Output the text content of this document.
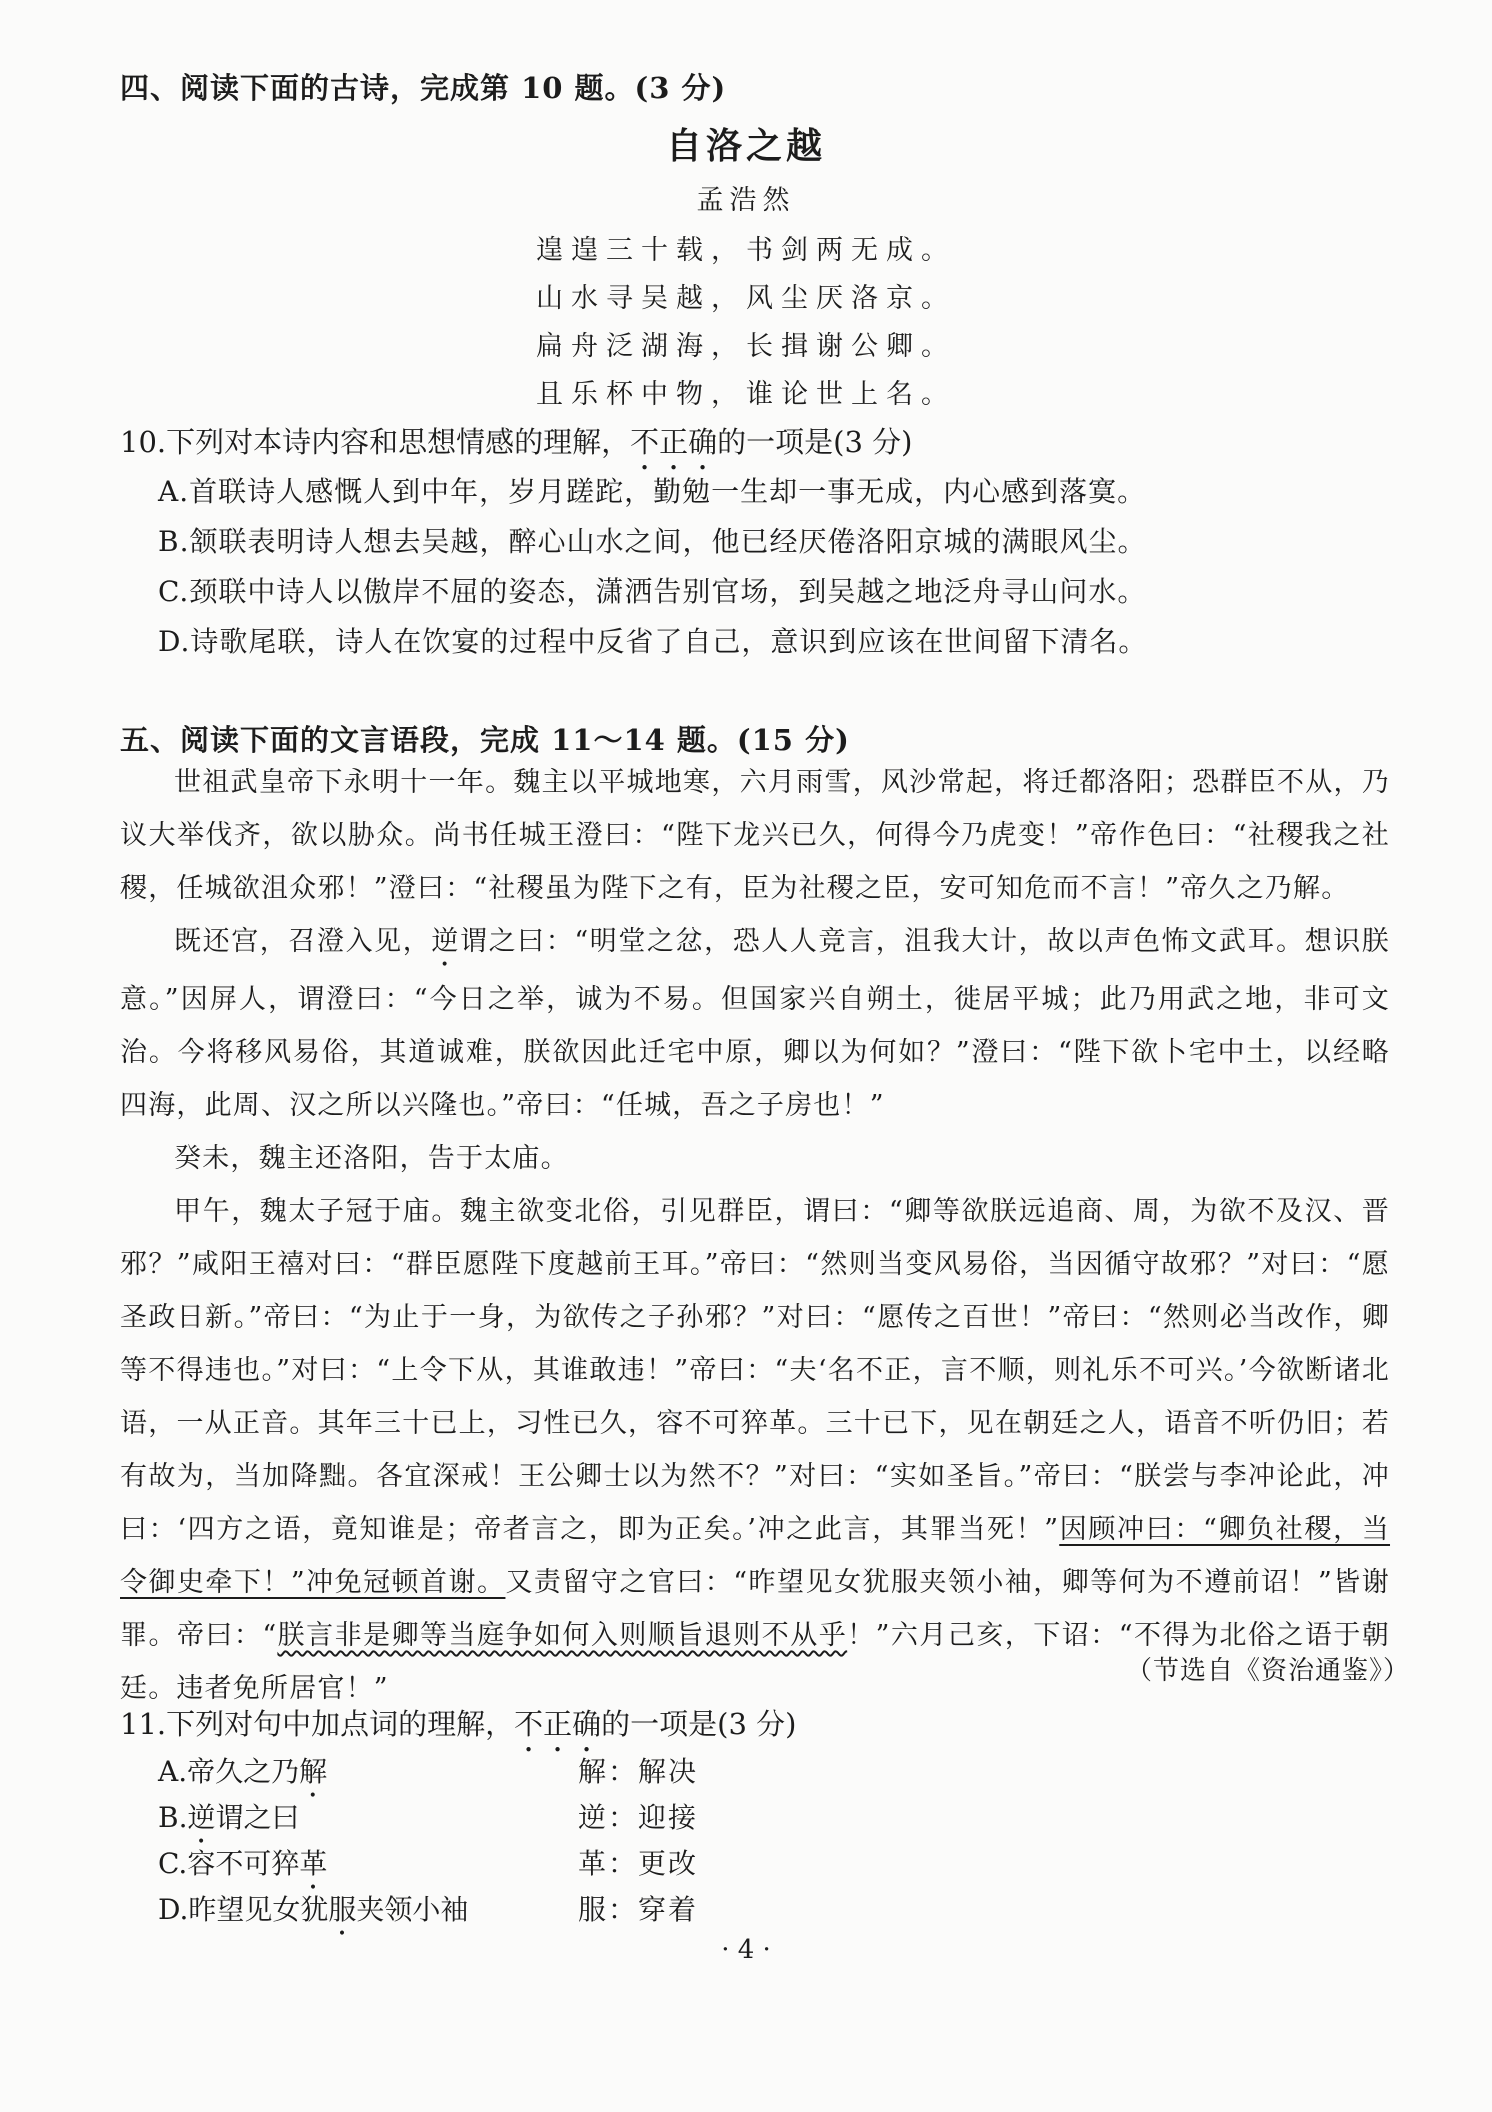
四、阅读下面的古诗，完成第 10 题。(3 分)
自洛之越
孟浩然
遑遑三十载，书剑两无成。
山水寻吴越，风尘厌洛京。
扁舟泛湖海，长揖谢公卿。
且乐杯中物，谁论世上名。
10.下列对本诗内容和思想情感的理解，不正确的一项是(3 分)
A.首联诗人感慨人到中年，岁月蹉跎，勤勉一生却一事无成，内心感到落寞。
B.颔联表明诗人想去吴越，醉心山水之间，他已经厌倦洛阳京城的满眼风尘。
C.颈联中诗人以傲岸不屈的姿态，潇洒告别官场，到吴越之地泛舟寻山问水。
D.诗歌尾联，诗人在饮宴的过程中反省了自己，意识到应该在世间留下清名。
五、阅读下面的文言语段，完成 11～14 题。(15 分)

世祖武皇帝下永明十一年。魏主以平城地寒，六月雨雪，风沙常起，将迁都洛阳；恐群臣不从，乃议大举伐齐，欲以胁众。尚书任城王澄曰：“陛下龙兴已久，何得今乃虎变！”帝作色曰：“社稷我之社稷，任城欲沮众邪！”澄曰：“社稷虽为陛下之有，臣为社稷之臣，安可知危而不言！”帝久之乃解。

既还宫，召澄入见，逆谓之曰：“明堂之忿，恐人人竞言，沮我大计，故以声色怖文武耳。想识朕意。”因屏人，谓澄曰：“今日之举，诚为不易。但国家兴自朔土，徙居平城；此乃用武之地，非可文治。今将移风易俗，其道诚难，朕欲因此迁宅中原，卿以为何如？”澄曰：“陛下欲卜宅中土，以经略四海，此周、汉之所以兴隆也。”帝曰：“任城，吾之子房也！”

癸未，魏主还洛阳，告于太庙。

甲午，魏太子冠于庙。魏主欲变北俗，引见群臣，谓曰：“卿等欲朕远追商、周，为欲不及汉、晋邪？”咸阳王禧对曰：“群臣愿陛下度越前王耳。”帝曰：“然则当变风易俗，当因循守故邪？”对曰：“愿圣政日新。”帝曰：“为止于一身，为欲传之子孙邪？”对曰：“愿传之百世！”帝曰：“然则必当改作，卿等不得违也。”对曰：“上令下从，其谁敢违！”帝曰：“夫‘名不正，言不顺，则礼乐不可兴。’今欲断诸北语，一从正音。其年三十已上，习性已久，容不可猝革。三十已下，见在朝廷之人，语音不听仍旧；若有故为，当加降黜。各宜深戒！王公卿士以为然不？”对曰：“实如圣旨。”帝曰：“朕尝与李冲论此，冲曰：‘四方之语，竟知谁是；帝者言之，即为正矣。’冲之此言，其罪当死！”因顾冲曰：“卿负社稷，当令御史牵下！”冲免冠顿首谢。又责留守之官曰：“昨望见女犹服夹领小袖，卿等何为不遵前诏！”皆谢罪。帝曰：“朕言非是卿等当庭争如何入则顺旨退则不从乎！”六月己亥，下诏：“不得为北俗之语于朝廷。违者免所居官！”

（节选自《资治通鉴》）
11.下列对句中加点词的理解，不正确的一项是(3 分)
A.帝久之乃解	解：解决
B.逆谓之曰	逆：迎接
C.容不可猝革	革：更改
D.昨望见女犹服夹领小袖	服：穿着
· 4 ·
